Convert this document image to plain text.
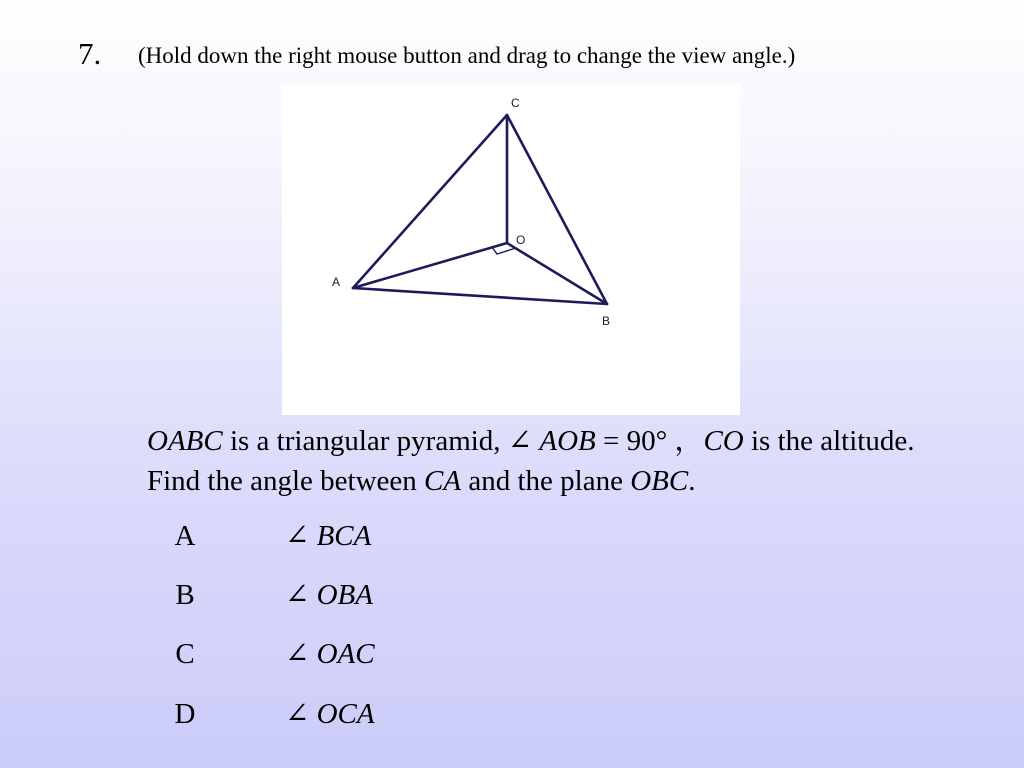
7. (Hold down the right mouse button and drag to change the view angle.)
C
O
A
B
OABC is a triangular pyramid, ∠ AOB = 90° ，CO is the altitude. Find the angle between CA and the plane OBC.
A	∠ BCA
B	∠ OBA
C	∠ OAC
D	∠ OCA
